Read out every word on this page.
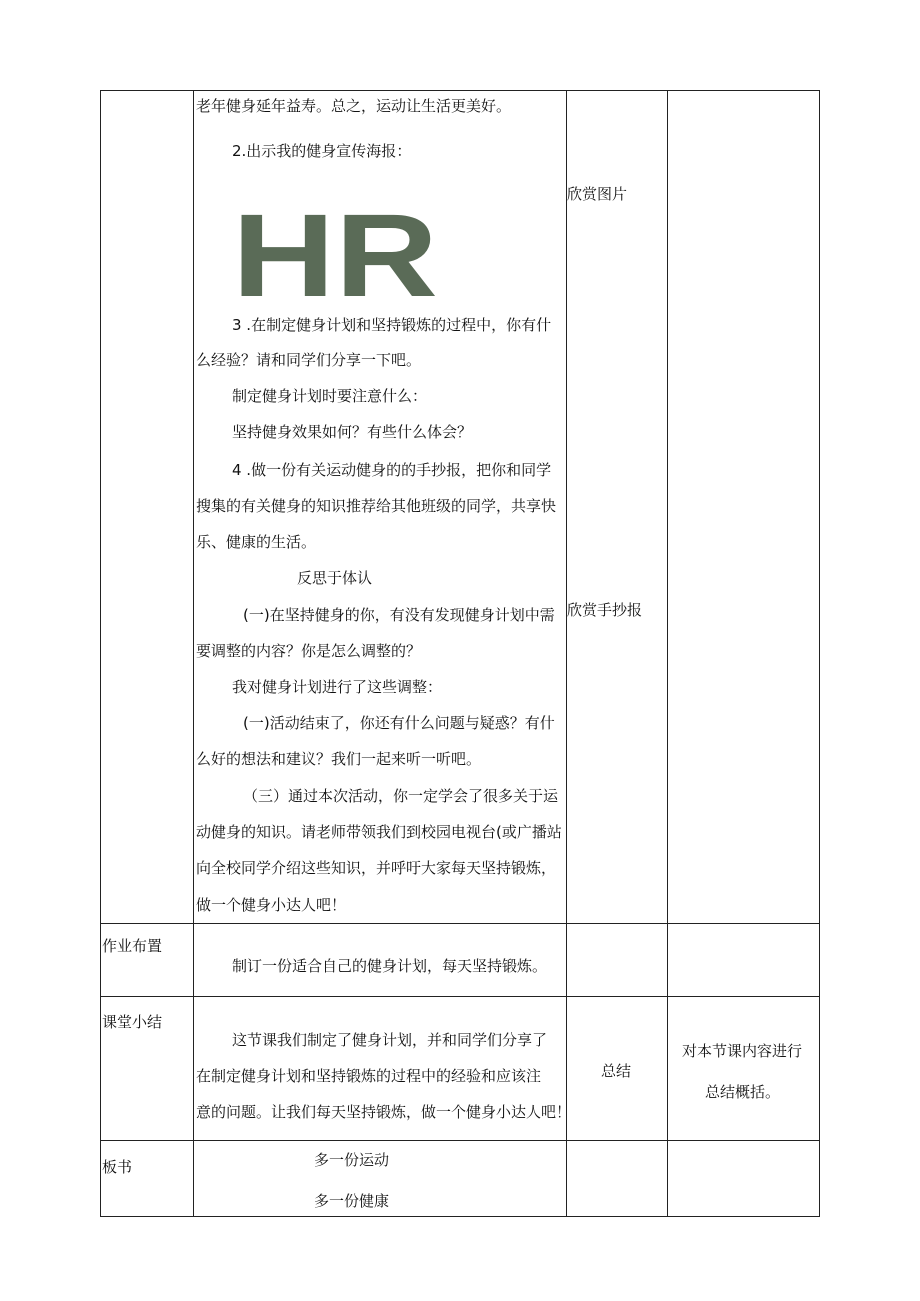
老年健身延年益寿。总之，运动让生活更美好。
2.出示我的健身宣传海报：
HR
3 .在制定健身计划和坚持锻炼的过程中，你有什
么经验？请和同学们分享一下吧。
制定健身计划时要注意什么：
坚持健身效果如何？有些什么体会？
4 .做一份有关运动健身的的手抄报，把你和同学
搜集的有关健身的知识推荐给其他班级的同学，共享快
乐、健康的生活。
反思于体认
(一)在坚持健身的你，有没有发现健身计划中需
要调整的内容？你是怎么调整的？
我对健身计划进行了这些调整：
(一)活动结束了，你还有什么问题与疑惑？有什
么好的想法和建议？我们一起来听一听吧。
（三）通过本次活动，你一定学会了很多关于运
动健身的知识。请老师带领我们到校园电视台(或广播站
向全校同学介绍这些知识，并呼吁大家每天坚持锻炼，
做一个健身小达人吧！
欣赏图片
欣赏手抄报
作业布置
制订一份适合自己的健身计划，每天坚持锻炼。
课堂小结
这节课我们制定了健身计划，并和同学们分享了
在制定健身计划和坚持锻炼的过程中的经验和应该注
意的问题。让我们每天坚持锻炼，做一个健身小达人吧！
总结
对本节课内容进行
总结概括。
板书	多一份运动
多一份健康
